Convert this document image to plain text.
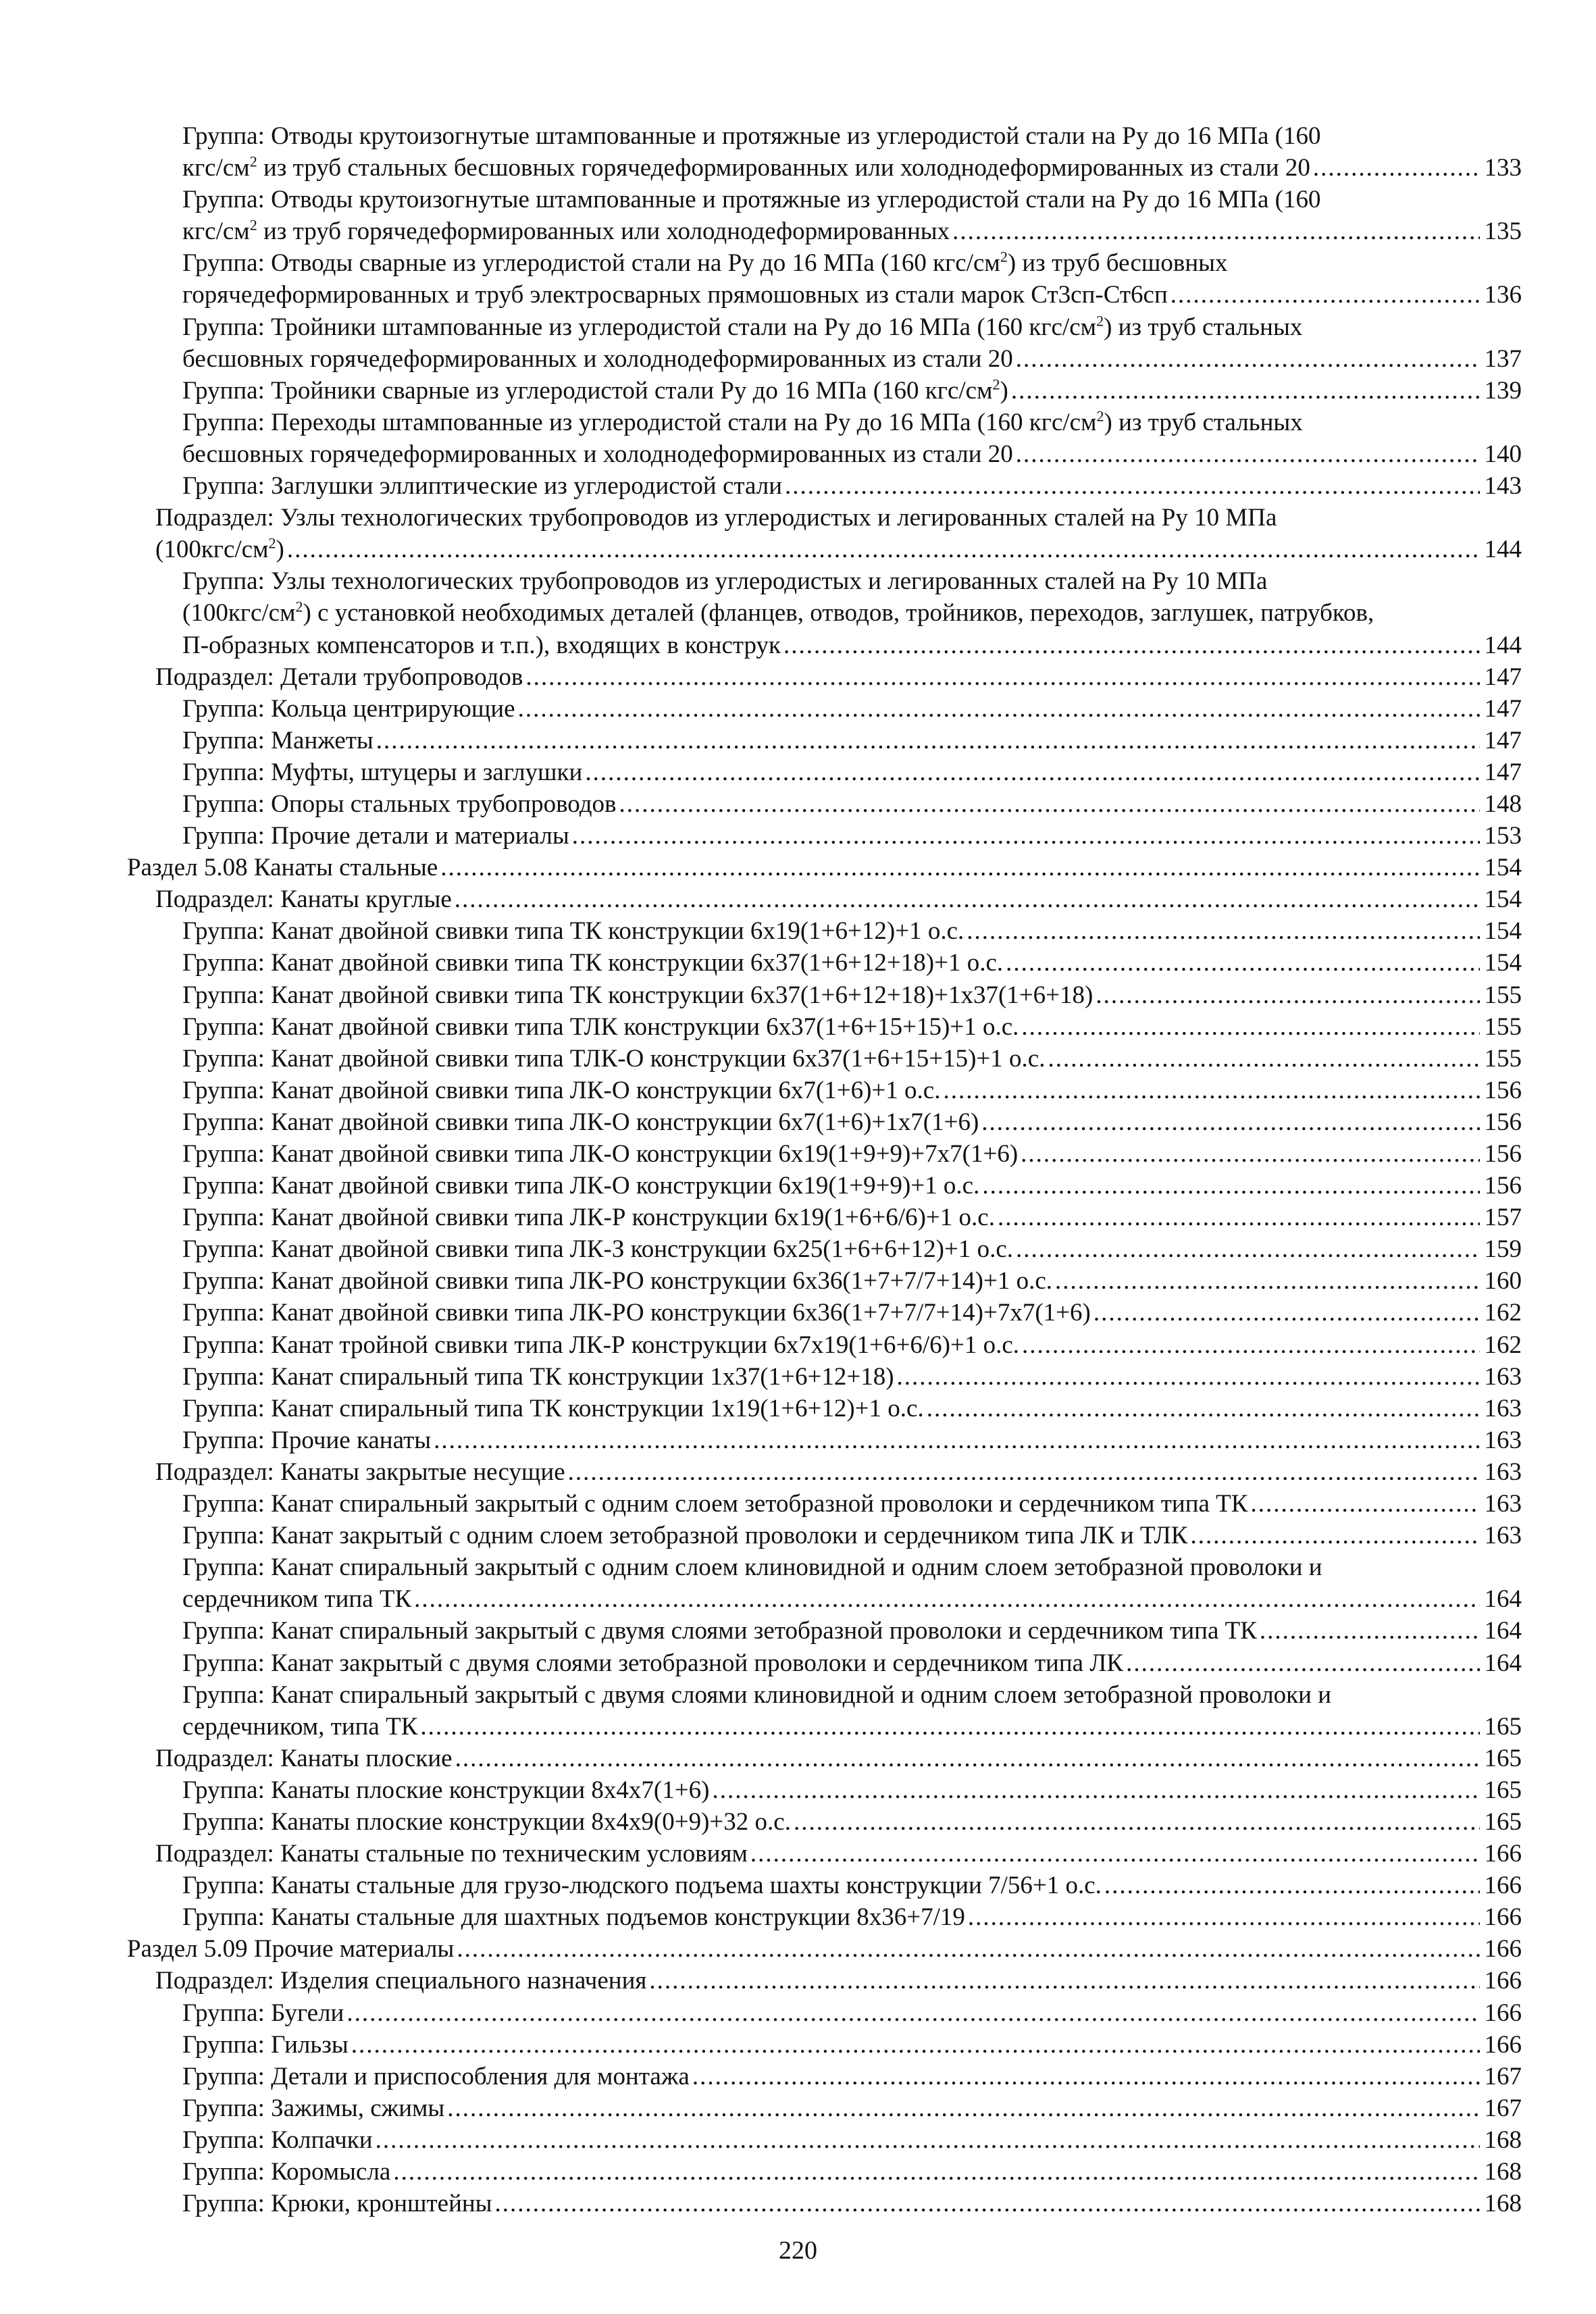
Группа: Отводы крутоизогнутые штампованные и протяжные из углеродистой стали на Ру до 16 МПа (160
кгс/$см^2$ из труб стальных бесшовных горячедеформированных или холоднодеформированных из стали 20 .....	133
Группа: Отводы крутоизогнутые штампованные и протяжные из углеродистой стали на Ру до 16 МПа (160
кгс/$см^2$ из труб горячедеформированных или холоднодеформированных .....	135
Группа: Отводы сварные из углеродистой стали на Ру до 16 МПа (160 кгс/$см^2$) из труб бесшовных
горячедеформированных и труб электросварных прямошовных из стали марок Ст3сп-Ст6сп .....	136
Группа: Тройники штампованные из углеродистой стали на Ру до 16 МПа (160 кгс/$см^2$) из труб стальных
бесшовных горячедеформированных и холоднодеформированных из стали 20 .....	137
Группа: Тройники сварные из углеродистой стали Ру до 16 МПа (160 кгс/$см^2$) .....	139
Группа: Переходы штампованные из углеродистой стали на Ру до 16 МПа (160 кгс/$см^2$) из труб стальных
бесшовных горячедеформированных и холоднодеформированных из стали 20 .....	140
Группа: Заглушки эллиптические из углеродистой стали .....	143
Подраздел: Узлы технологических трубопроводов из углеродистых и легированных сталей на Ру 10 МПа
$(100кгс/см^2)$ .....	144
Группа: Узлы технологических трубопроводов из углеродистых и легированных сталей на Ру 10 МПа
$(100кгс/см^2)$ с установкой необходимых деталей (фланцев, отводов, тройников, переходов, заглушек, патрубков,
П-образных компенсаторов и т.п.), входящих в конструк .....	144
Подраздел: Детали трубопроводов .....	147
Группа: Кольца центрирующие .....	147
Группа: Манжеты .....	147
Группа: Муфты, штуцеры и заглушки .....	147
Группа: Опоры стальных трубопроводов .....	148
Группа: Прочие детали и материалы .....	153
Раздел 5.08 Канаты стальные .....	154
Подраздел: Канаты круглые .....	154
Группа: Канат двойной свивки типа ТК конструкции 6х19(1+6+12)+1 о.с. .....	154
Группа: Канат двойной свивки типа ТК конструкции 6х37(1+6+12+18)+1 о.с. .....	154
Группа: Канат двойной свивки типа ТК конструкции 6х37(1+6+12+18)+1х37(1+6+18) .....	155
Группа: Канат двойной свивки типа ТЛК конструкции 6х37(1+6+15+15)+1 о.с. .....	155
Группа: Канат двойной свивки типа ТЛК-О конструкции 6х37(1+6+15+15)+1 о.с. .....	155
Группа: Канат двойной свивки типа ЛК-О конструкции 6х7(1+6)+1 о.с. .....	156
Группа: Канат двойной свивки типа ЛК-О конструкции 6х7(1+6)+1х7(1+6) .....	156
Группа: Канат двойной свивки типа ЛК-О конструкции 6х19(1+9+9)+7х7(1+6) .....	156
Группа: Канат двойной свивки типа ЛК-О конструкции 6х19(1+9+9)+1 о.с. .....	156
Группа: Канат двойной свивки типа ЛК-Р конструкции 6х19(1+6+6/6)+1 о.с. .....	157
Группа: Канат двойной свивки типа ЛК-З конструкции 6х25(1+6+6+12)+1 о.с. .....	159
Группа: Канат двойной свивки типа ЛК-РО конструкции 6х36(1+7+7/7+14)+1 о.с. .....	160
Группа: Канат двойной свивки типа ЛК-РО конструкции 6х36(1+7+7/7+14)+7х7(1+6) .....	162
Группа: Канат тройной свивки типа ЛК-Р конструкции 6х7х19(1+6+6/6)+1 о.с. .....	162
Группа: Канат спиральный типа ТК конструкции 1х37(1+6+12+18) .....	163
Группа: Канат спиральный типа ТК конструкции 1х19(1+6+12)+1 о.с. .....	163
Группа: Прочие канаты .....	163
Подраздел: Канаты закрытые несущие .....	163
Группа: Канат спиральный закрытый с одним слоем зетобразной проволоки и сердечником типа ТК .....	163
Группа: Канат закрытый с одним слоем зетобразной проволоки и сердечником типа ЛК и ТЛК .....	163
Группа: Канат спиральный закрытый с одним слоем клиновидной и одним слоем зетобразной проволоки и
сердечником типа ТК .....	164
Группа: Канат спиральный закрытый с двумя слоями зетобразной проволоки и сердечником типа ТК .....	164
Группа: Канат закрытый с двумя слоями зетобразной проволоки и сердечником типа ЛК .....	164
Группа: Канат спиральный закрытый с двумя слоями клиновидной и одним слоем зетобразной проволоки и
сердечником, типа ТК .....	165
Подраздел: Канаты плоские .....	165
Группа: Канаты плоские конструкции 8х4х7(1+6) .....	165
Группа: Канаты плоские конструкции 8х4х9(0+9)+32 о.с. .....	165
Подраздел: Канаты стальные по техническим условиям .....	166
Группа: Канаты стальные для грузо-людского подъема шахты конструкции 7/56+1 о.с. .....	166
Группа: Канаты стальные для шахтных подъемов конструкции 8х36+7/19 .....	166
Раздел 5.09 Прочие материалы .....	166
Подраздел: Изделия специального назначения .....	166
Группа: Бугели .....	166
Группа: Гильзы .....	166
Группа: Детали и приспособления для монтажа .....	167
Группа: Зажимы, сжимы .....	167
Группа: Колпачки .....	168
Группа: Коромысла .....	168
Группа: Крюки, кронштейны .....	168
220
